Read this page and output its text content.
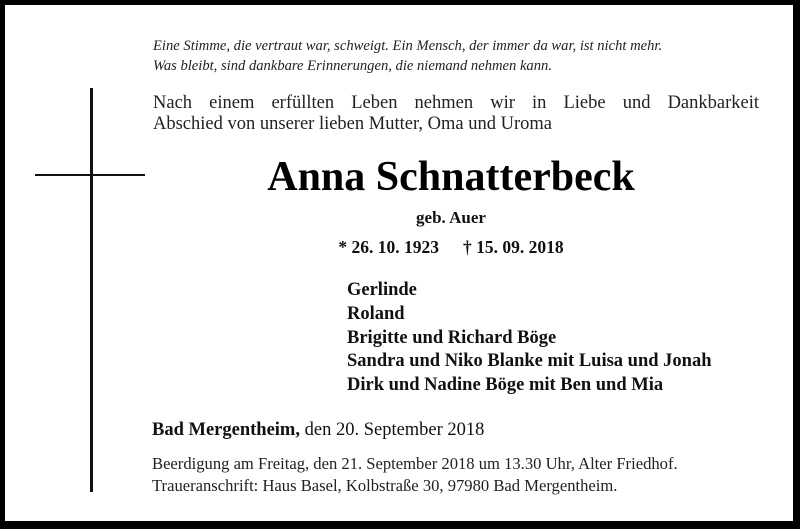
Eine Stimme, die vertraut war, schweigt. Ein Mensch, der immer da war, ist nicht mehr.
Was bleibt, sind dankbare Erinnerungen, die niemand nehmen kann.
Nach einem erfüllten Leben nehmen wir in Liebe und Dankbarkeit
Abschied von unserer lieben Mutter, Oma und Uroma
Anna Schnatterbeck
geb. Auer
* 26. 10. 1923 † 15. 09. 2018
Gerlinde
Roland
Brigitte und Richard Böge
Sandra und Niko Blanke mit Luisa und Jonah
Dirk und Nadine Böge mit Ben und Mia
Bad Mergentheim, den 20. September 2018
Beerdigung am Freitag, den 21. September 2018 um 13.30 Uhr, Alter Friedhof.
Traueranschrift: Haus Basel, Kolbstraße 30, 97980 Bad Mergentheim.
